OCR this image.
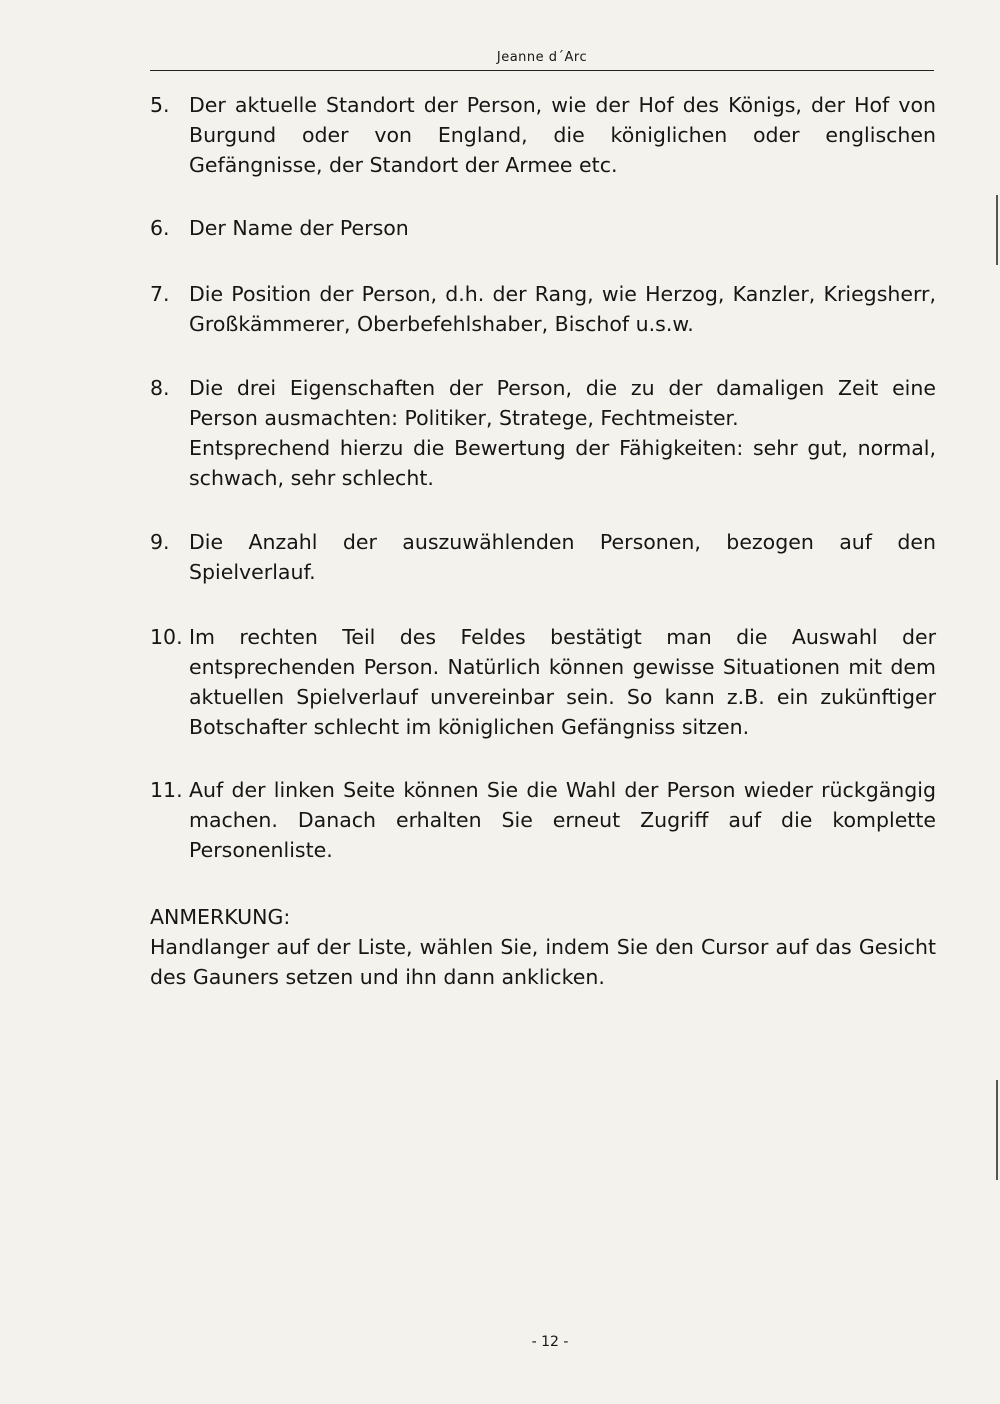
Jeanne d´Arc
5. Der aktuelle Standort der Person, wie der Hof des Königs, der Hof von Burgund oder von England, die königlichen oder englischen Gefängnisse, der Standort der Armee etc.
6. Der Name der Person
7. Die Position der Person, d.h. der Rang, wie Herzog, Kanzler, Kriegsherr, Großkämmerer, Oberbefehlshaber, Bischof u.s.w.
8. Die drei Eigenschaften der Person, die zu der damaligen Zeit eine Person ausmachten: Politiker, Stratege, Fechtmeister.
Entsprechend hierzu die Bewertung der Fähigkeiten: sehr gut, normal, schwach, sehr schlecht.
9. Die Anzahl der auszuwählenden Personen, bezogen auf den Spielverlauf.
10. Im rechten Teil des Feldes bestätigt man die Auswahl der entsprechenden Person. Natürlich können gewisse Situationen mit dem aktuellen Spielverlauf unvereinbar sein. So kann z.B. ein zukünftiger Botschafter schlecht im königlichen Gefängniss sitzen.
11. Auf der linken Seite können Sie die Wahl der Person wieder rückgängig machen. Danach erhalten Sie erneut Zugriff auf die komplette Personenliste.
ANMERKUNG:
Handlanger auf der Liste, wählen Sie, indem Sie den Cursor auf das Gesicht des Gauners setzen und ihn dann anklicken.
- 12 -
